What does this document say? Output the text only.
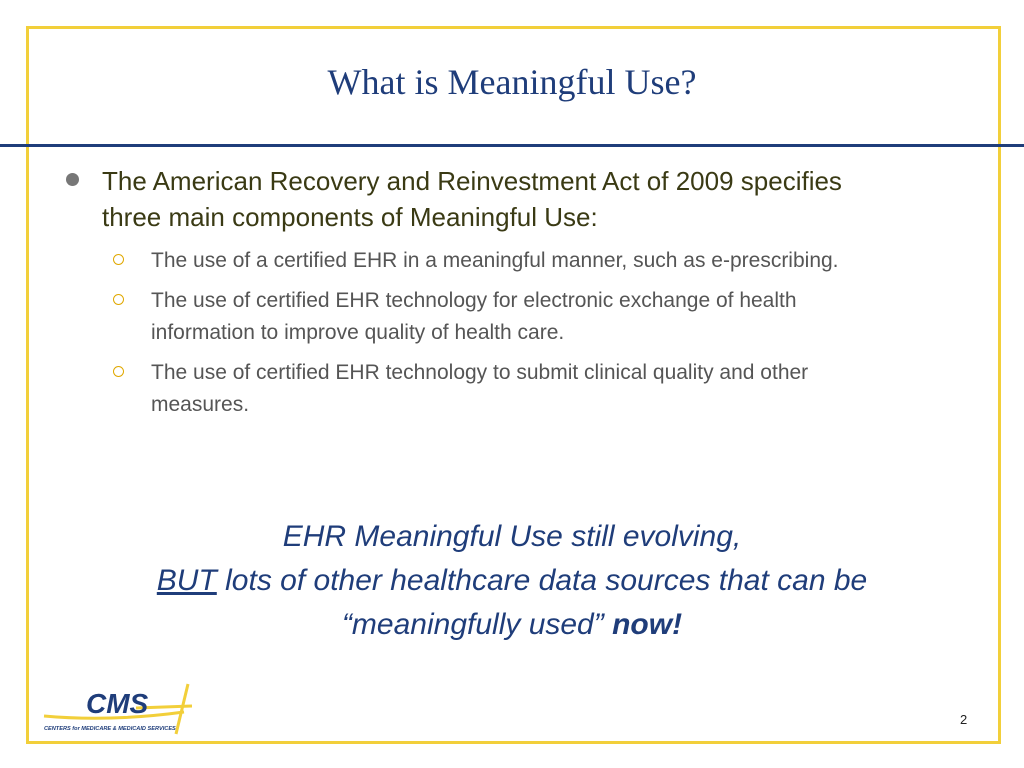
What is Meaningful Use?
The American Recovery and Reinvestment Act of 2009 specifies three main components of Meaningful Use:
The use of a certified EHR in a meaningful manner, such as e-prescribing.
The use of certified EHR technology for electronic exchange of health information to improve quality of health care.
The use of certified EHR technology to submit clinical quality and other measures.
EHR Meaningful Use still evolving,
BUT lots of other healthcare data sources that can be
“meaningfully used” now!
CMS
CENTERS for MEDICARE & MEDICAID SERVICES
2
